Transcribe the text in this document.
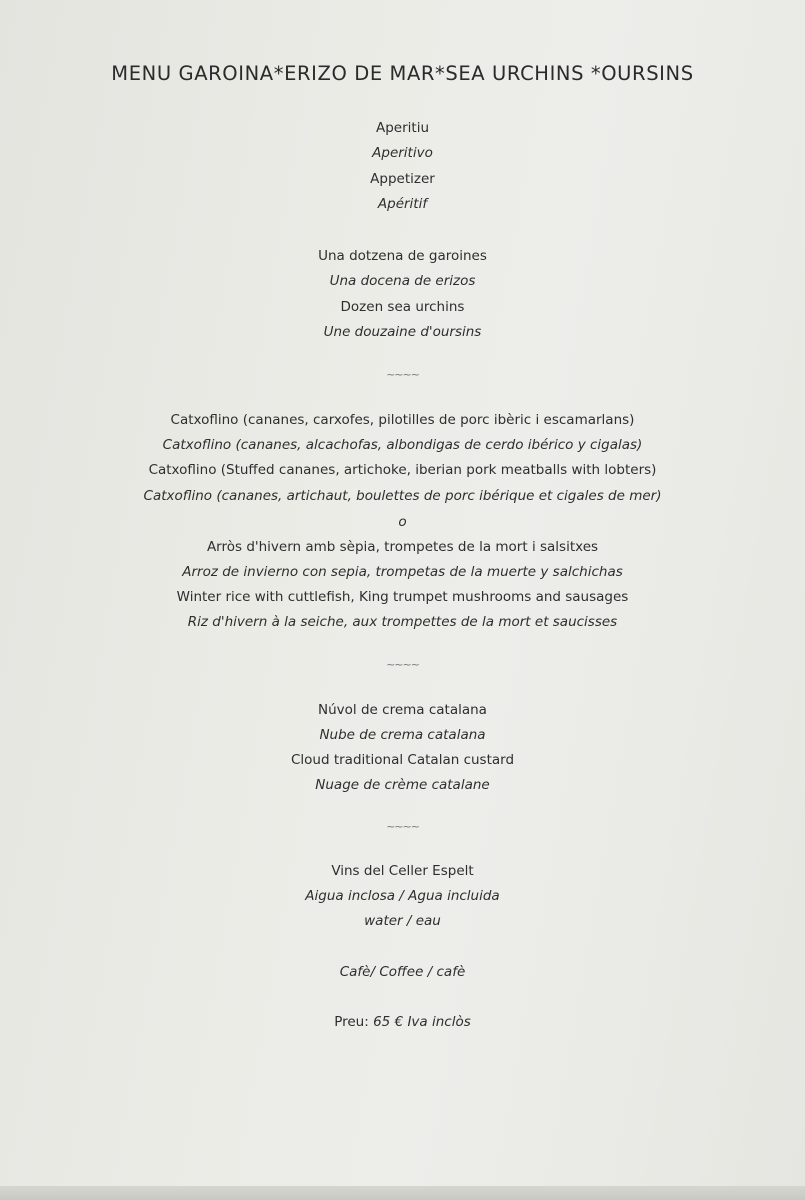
MENU GAROINA*ERIZO DE MAR*SEA URCHINS *OURSINS
Aperitiu
Aperitivo
Appetizer
Apéritif
Una dotzena de garoines
Una docena de erizos
Dozen sea urchins
Une douzaine d'oursins
~~~~
Catxoflino (cananes, carxofes, pilotilles de porc ibèric i escamarlans)
Catxoflino (cananes, alcachofas, albondigas de cerdo ibérico y cigalas)
Catxoflino (Stuffed cananes, artichoke, iberian pork meatballs with lobters)
Catxoflino (cananes, artichaut, boulettes de porc ibérique et cigales de mer)
o
Arròs d'hivern amb sèpia, trompetes de la mort i salsitxes
Arroz de invierno con sepia, trompetas de la muerte y salchichas
Winter rice with cuttlefish, King trumpet mushrooms and sausages
Riz d'hivern à la seiche, aux trompettes de la mort et saucisses
~~~~
Núvol de crema catalana
Nube de crema catalana
Cloud traditional Catalan custard
Nuage de crème catalane
~~~~
Vins del Celler Espelt
Aigua inclosa / Agua incluida
water / eau
Cafè/ Coffee / cafè
Preu: 65 € Iva inclòs
